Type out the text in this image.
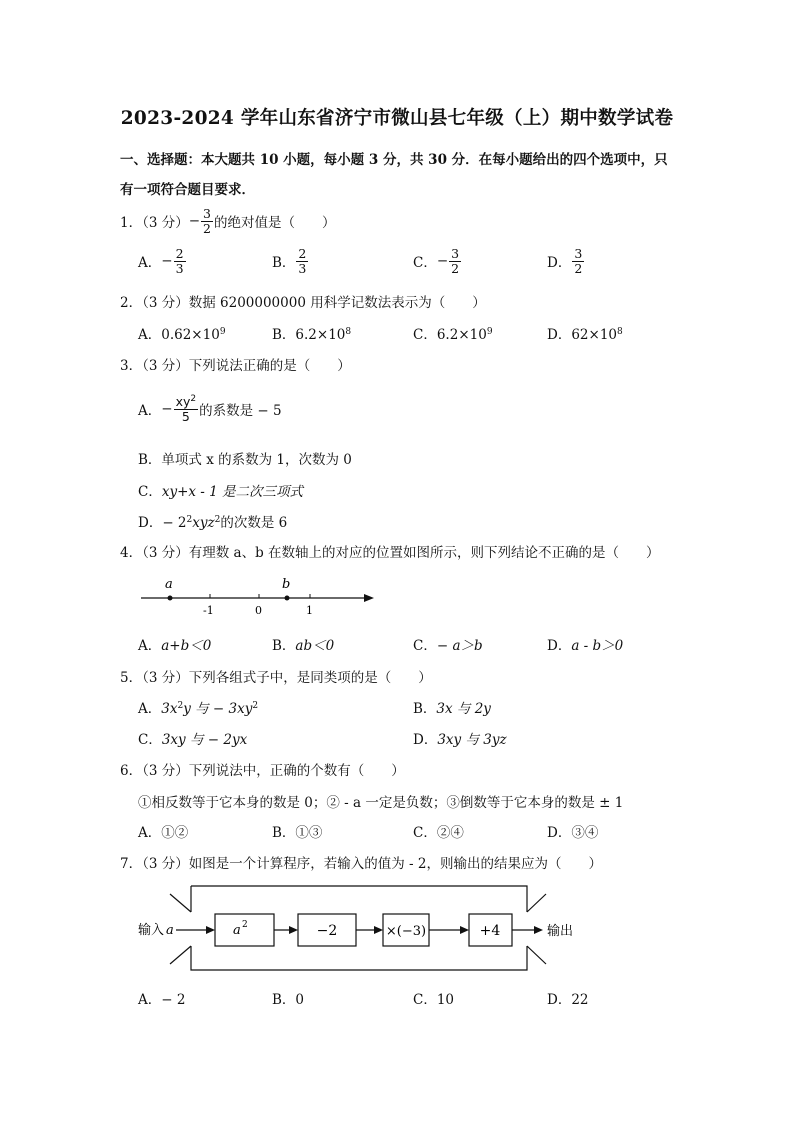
2023-2024 学年山东省济宁市微山县七年级（上）期中数学试卷
一、选择题：本大题共 10 小题，每小题 3 分，共 30 分．在每小题给出的四个选项中，只
有一项符合题目要求．
1．（3 分） − $\frac{3}{2}$ 的绝对值是（　　）
A． − $\frac{2}{3}$	B． $\frac{2}{3}$	C． − $\frac{3}{2}$	D． $\frac{3}{2}$
2．（3 分）数据 6200000000 用科学记数法表示为（　　）
A．$0.62\times 10^9$	B．$6.2\times 10^8$	C．$6.2\times 10^9$	D．$62\times 10^8$
3．（3 分）下列说法正确的是（　　）
A． − $\frac{xy^2}{5}$ 的系数是 − 5
B．单项式 x 的系数为 1，次数为 0
C．xy+x - 1 是二次三项式
D．− $2^2xyz^2$的次数是 6
4．（3 分）有理数 a、b 在数轴上的对应的位置如图所示，则下列结论不正确的是（　　）
a	b
-1	0	1
A．a+b＜0	B．ab＜0	C．− a＞b	D．a - b＞0
5．（3 分）下列各组式子中，是同类项的是（　　）
A．$3x^2y$ 与 − $3xy^2$	B．3x 与 2y
C．3xy 与 − 2yx	D．3xy 与 3yz
6．（3 分）下列说法中，正确的个数有（　　）
①相反数等于它本身的数是 0；② - a 一定是负数；③倒数等于它本身的数是 ± 1
A．①②	B．①③	C．②④	D．③④
7．（3 分）如图是一个计算程序，若输入的值为 - 2，则输出的结果应为（　　）
输入 a	a 2	−2	×(−3)	+4	输出
A．− 2	B．0	C．10	D．22
